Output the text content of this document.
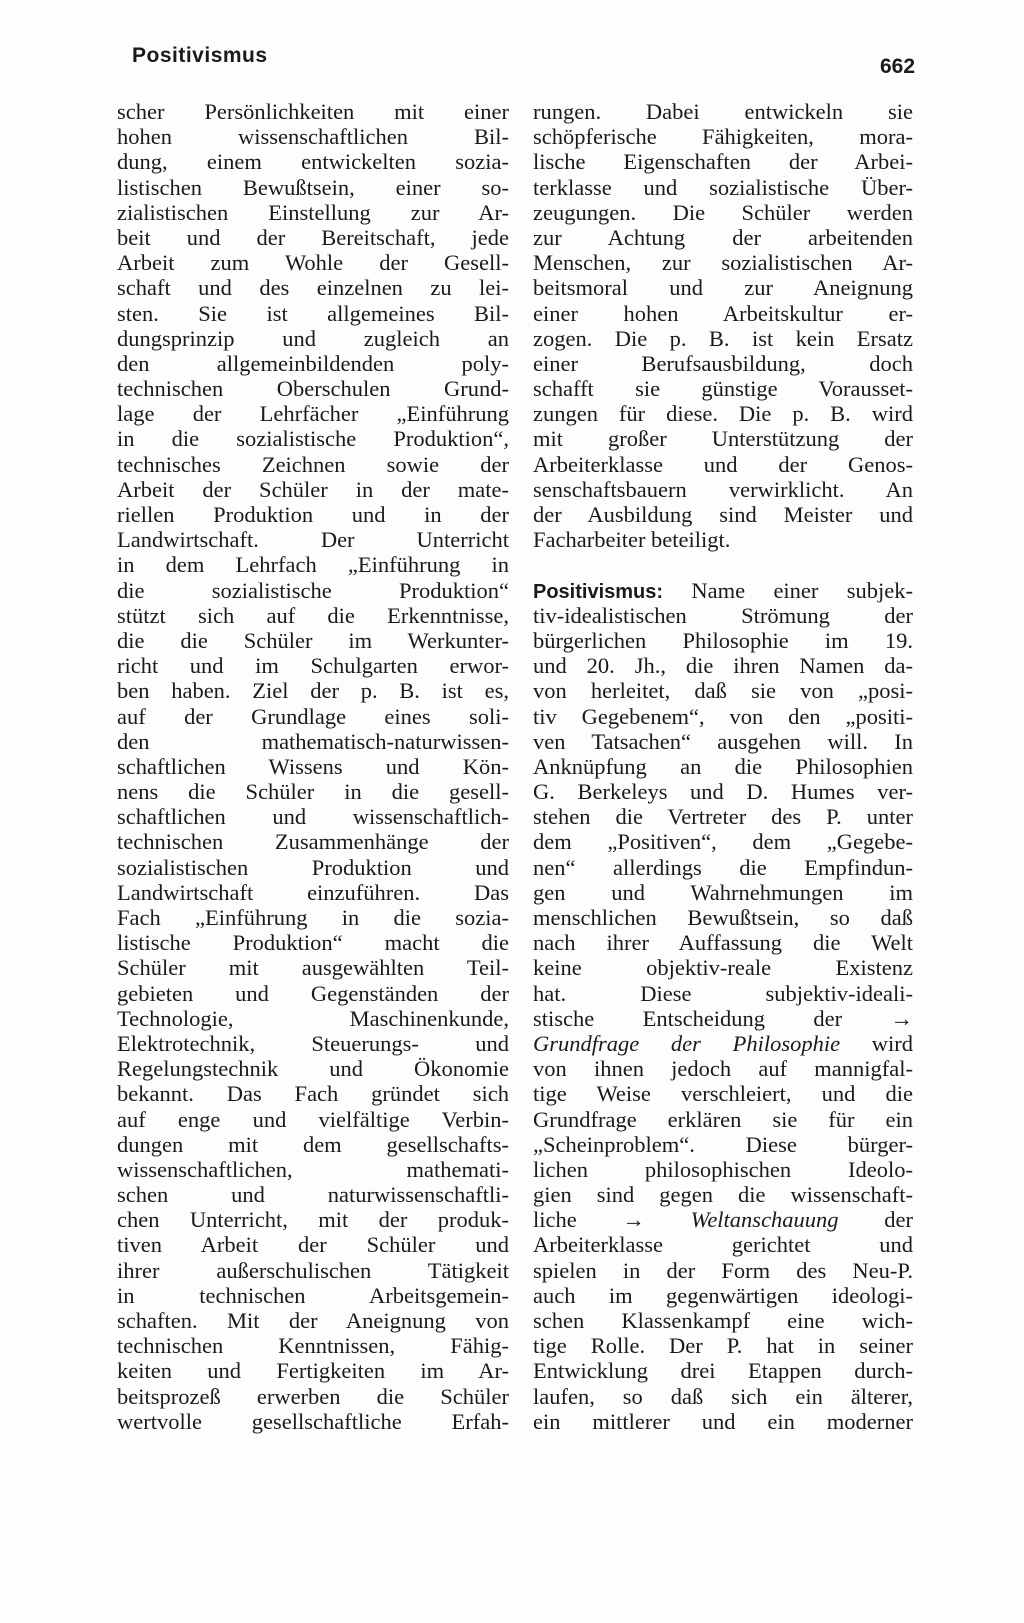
Positivismus	662
scher Persönlichkeiten mit einer
hohen wissenschaftlichen Bil-
dung, einem entwickelten sozia-
listischen Bewußtsein, einer so-
zialistischen Einstellung zur Ar-
beit und der Bereitschaft, jede
Arbeit zum Wohle der Gesell-
schaft und des einzelnen zu lei-
sten. Sie ist allgemeines Bil-
dungsprinzip und zugleich an
den allgemeinbildenden poly-
technischen Oberschulen Grund-
lage der Lehrfächer „Einführung
in die sozialistische Produktion“,
technisches Zeichnen sowie der
Arbeit der Schüler in der mate-
riellen Produktion und in der
Landwirtschaft. Der Unterricht
in dem Lehrfach „Einführung in
die sozialistische Produktion“
stützt sich auf die Erkenntnisse,
die die Schüler im Werkunter-
richt und im Schulgarten erwor-
ben haben. Ziel der p. B. ist es,
auf der Grundlage eines soli-
den mathematisch-naturwissen-
schaftlichen Wissens und Kön-
nens die Schüler in die gesell-
schaftlichen und wissenschaftlich-
technischen Zusammenhänge der
sozialistischen Produktion und
Landwirtschaft einzuführen. Das
Fach „Einführung in die sozia-
listische Produktion“ macht die
Schüler mit ausgewählten Teil-
gebieten und Gegenständen der
Technologie, Maschinenkunde,
Elektrotechnik, Steuerungs- und
Regelungstechnik und Ökonomie
bekannt. Das Fach gründet sich
auf enge und vielfältige Verbin-
dungen mit dem gesellschafts-
wissenschaftlichen, mathemati-
schen und naturwissenschaftli-
chen Unterricht, mit der produk-
tiven Arbeit der Schüler und
ihrer außerschulischen Tätigkeit
in technischen Arbeitsgemein-
schaften. Mit der Aneignung von
technischen Kenntnissen, Fähig-
keiten und Fertigkeiten im Ar-
beitsprozeß erwerben die Schüler
wertvolle gesellschaftliche Erfah-
rungen. Dabei entwickeln sie
schöpferische Fähigkeiten, mora-
lische Eigenschaften der Arbei-
terklasse und sozialistische Über-
zeugungen. Die Schüler werden
zur Achtung der arbeitenden
Menschen, zur sozialistischen Ar-
beitsmoral und zur Aneignung
einer hohen Arbeitskultur er-
zogen. Die p. B. ist kein Ersatz
einer Berufsausbildung, doch
schafft sie günstige Vorausset-
zungen für diese. Die p. B. wird
mit großer Unterstützung der
Arbeiterklasse und der Genos-
senschaftsbauern verwirklicht. An
der Ausbildung sind Meister und
Facharbeiter beteiligt.
Positivismus: Name einer subjek-
tiv-idealistischen Strömung der
bürgerlichen Philosophie im 19.
und 20. Jh., die ihren Namen da-
von herleitet, daß sie von „posi-
tiv Gegebenem“, von den „positi-
ven Tatsachen“ ausgehen will. In
Anknüpfung an die Philosophien
G. Berkeleys und D. Humes ver-
stehen die Vertreter des P. unter
dem „Positiven“, dem „Gegebe-
nen“ allerdings die Empfindun-
gen und Wahrnehmungen im
menschlichen Bewußtsein, so daß
nach ihrer Auffassung die Welt
keine objektiv-reale Existenz
hat. Diese subjektiv-ideali-
stische Entscheidung der →
Grundfrage der Philosophie wird
von ihnen jedoch auf mannigfal-
tige Weise verschleiert, und die
Grundfrage erklären sie für ein
„Scheinproblem“. Diese bürger-
lichen philosophischen Ideolo-
gien sind gegen die wissenschaft-
liche → Weltanschauung der
Arbeiterklasse gerichtet und
spielen in der Form des Neu-P.
auch im gegenwärtigen ideologi-
schen Klassenkampf eine wich-
tige Rolle. Der P. hat in seiner
Entwicklung drei Etappen durch-
laufen, so daß sich ein älterer,
ein mittlerer und ein moderner
